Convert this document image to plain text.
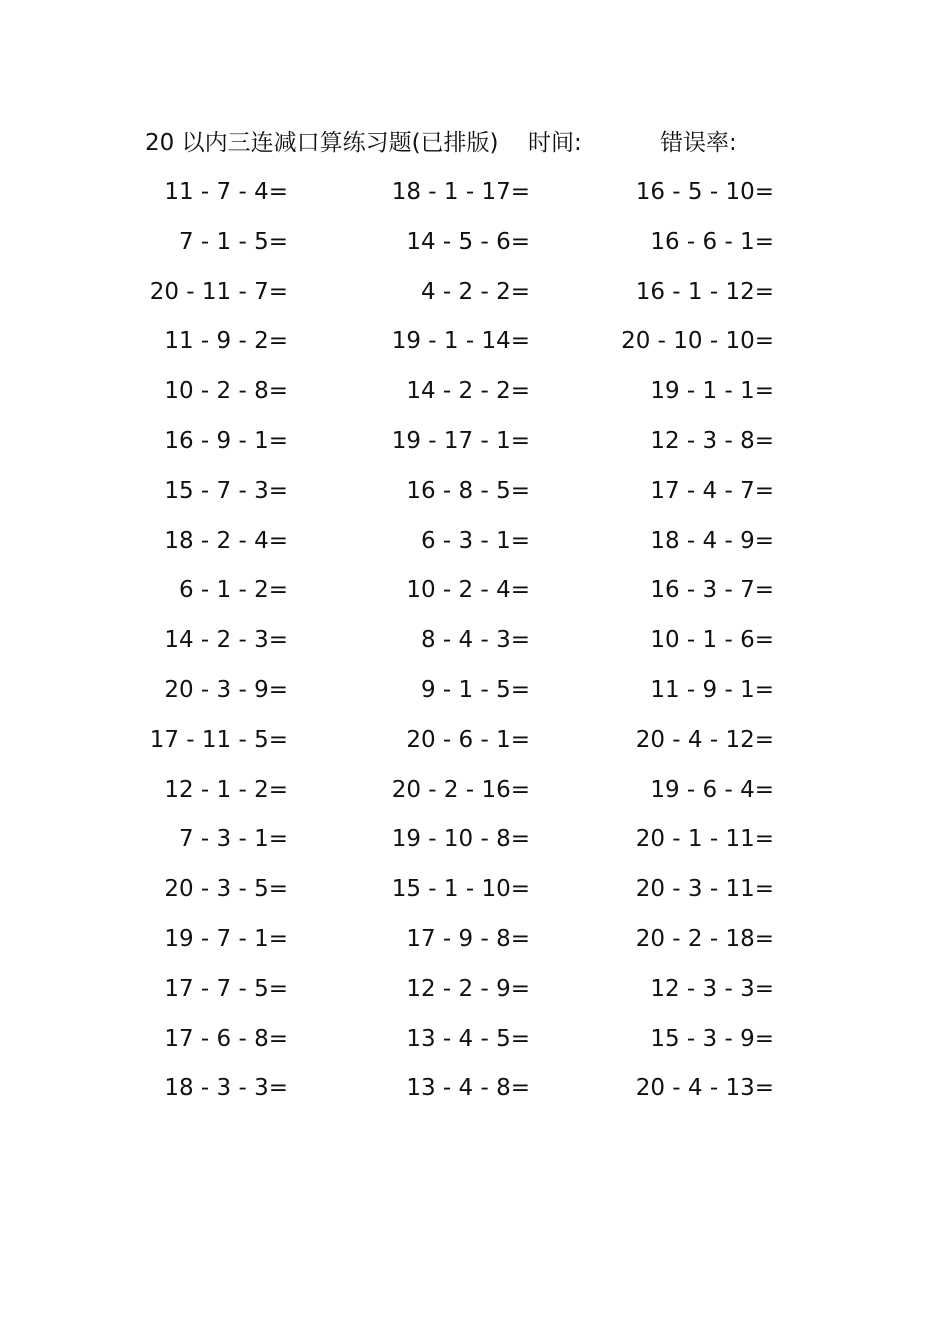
20 以内三连减口算练习题(已排版) 时间:	错误率:
11 - 7 - 4=	18 - 1 - 17=	16 - 5 - 10=
7 - 1 - 5=	14 - 5 - 6=	16 - 6 - 1=
20 - 11 - 7=	4 - 2 - 2=	16 - 1 - 12=
11 - 9 - 2=	19 - 1 - 14=	20 - 10 - 10=
10 - 2 - 8=	14 - 2 - 2=	19 - 1 - 1=
16 - 9 - 1=	19 - 17 - 1=	12 - 3 - 8=
15 - 7 - 3=	16 - 8 - 5=	17 - 4 - 7=
18 - 2 - 4=	6 - 3 - 1=	18 - 4 - 9=
6 - 1 - 2=	10 - 2 - 4=	16 - 3 - 7=
14 - 2 - 3=	8 - 4 - 3=	10 - 1 - 6=
20 - 3 - 9=	9 - 1 - 5=	11 - 9 - 1=
17 - 11 - 5=	20 - 6 - 1=	20 - 4 - 12=
12 - 1 - 2=	20 - 2 - 16=	19 - 6 - 4=
7 - 3 - 1=	19 - 10 - 8=	20 - 1 - 11=
20 - 3 - 5=	15 - 1 - 10=	20 - 3 - 11=
19 - 7 - 1=	17 - 9 - 8=	20 - 2 - 18=
17 - 7 - 5=	12 - 2 - 9=	12 - 3 - 3=
17 - 6 - 8=	13 - 4 - 5=	15 - 3 - 9=
18 - 3 - 3=	13 - 4 - 8=	20 - 4 - 13=
